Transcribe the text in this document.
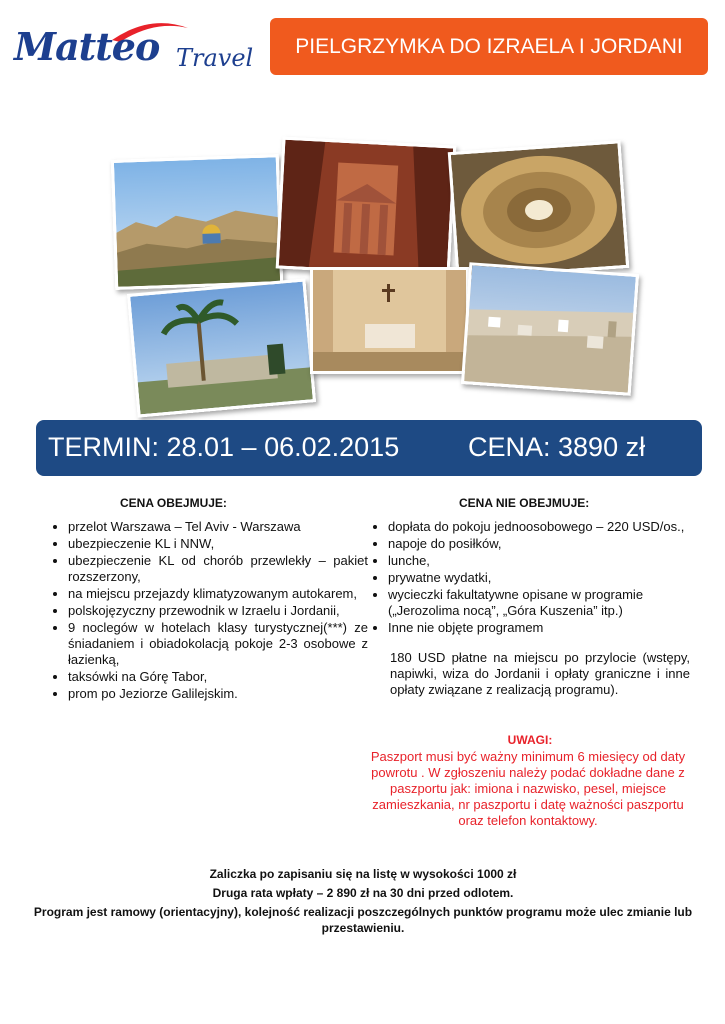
Matteo Travel	PIELGRZYMKA DO IZRAELA I JORDANI
TERMIN: 28.01 – 06.02.2015	CENA: 3890 zł
CENA OBEJMUJE:
• przelot Warszawa – Tel Aviv - Warszawa
• ubezpieczenie KL i NNW,
• ubezpieczenie KL od chorób przewlekły – pakiet rozszerzony,
• na miejscu przejazdy klimatyzowanym autokarem,
• polskojęzyczny przewodnik w Izraelu i Jordanii,
• 9 noclegów w hotelach klasy turystycznej(***) ze śniadaniem i obiadokolacją pokoje 2-3 osobowe z łazienką,
• taksówki na Górę Tabor,
• prom po Jeziorze Galilejskim.
CENA NIE OBEJMUJE:
• dopłata do pokoju jednoosobowego – 220 USD/os.,
• napoje do posiłków,
• lunche,
• prywatne wydatki,
• wycieczki fakultatywne opisane w programie („Jerozolima nocą”, „Góra Kuszenia” itp.)
• Inne nie objęte programem
180 USD płatne na miejscu po przylocie (wstępy, napiwki, wiza do Jordanii i opłaty graniczne i inne opłaty związane z realizacją programu).
UWAGI:
Paszport musi być ważny minimum 6 miesięcy od daty powrotu . W zgłoszeniu należy podać dokładne dane z paszportu jak: imiona i nazwisko, pesel, miejsce zamieszkania, nr paszportu i datę ważności paszportu oraz telefon kontaktowy.
Zaliczka po zapisaniu się na listę w wysokości 1000 zł
Druga rata wpłaty – 2 890 zł na 30 dni przed odlotem.
Program jest ramowy (orientacyjny), kolejność realizacji poszczególnych punktów programu może ulec zmianie lub przestawieniu.
